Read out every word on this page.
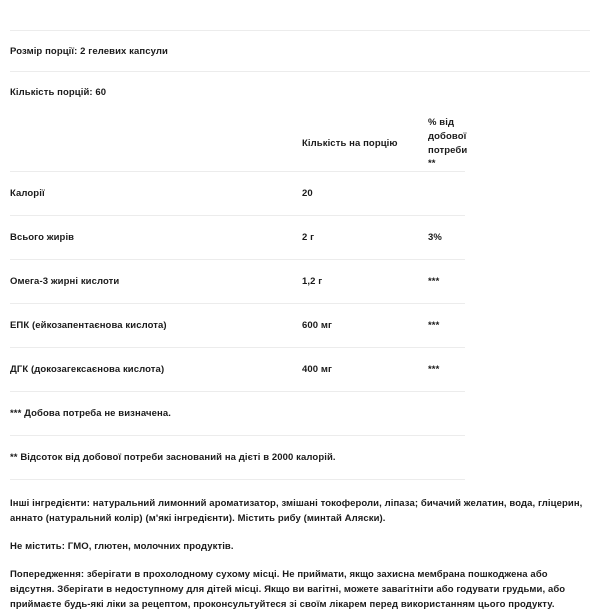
Розмір порції: 2 гелевих капсули
Кількість порцій: 60
	Кількість на порцію	% від добової потреби **
Калорії	20	
Всього жирів	2 г	3%
Омега-3 жирні кислоти	1,2 г	***
ЕПК (ейкозапентаєнова кислота)	600 мг	***
ДГК (докозагексаєнова кислота)	400 мг	***
*** Добова потреба не визначена.
** Відсоток від добової потреби заснований на дієті в 2000 калорій.

Інші інгредієнти: натуральний лимонний ароматизатор, змішані токофероли, ліпаза; бичачий желатин, вода, гліцерин, аннато (натуральний колір) (м'які інгредієнти). Містить рибу (минтай Аляски).

Не містить: ГМО, глютен, молочних продуктів.

Попередження: зберігати в прохолодному сухому місці. Не приймати, якщо захисна мембрана пошкоджена або відсутня. Зберігати в недоступному для дітей місці. Якщо ви вагітні, можете завагітніти або годувати грудьми, або приймаєте будь-які ліки за рецептом, проконсультуйтеся зі своїм лікарем перед використанням цього продукту.
